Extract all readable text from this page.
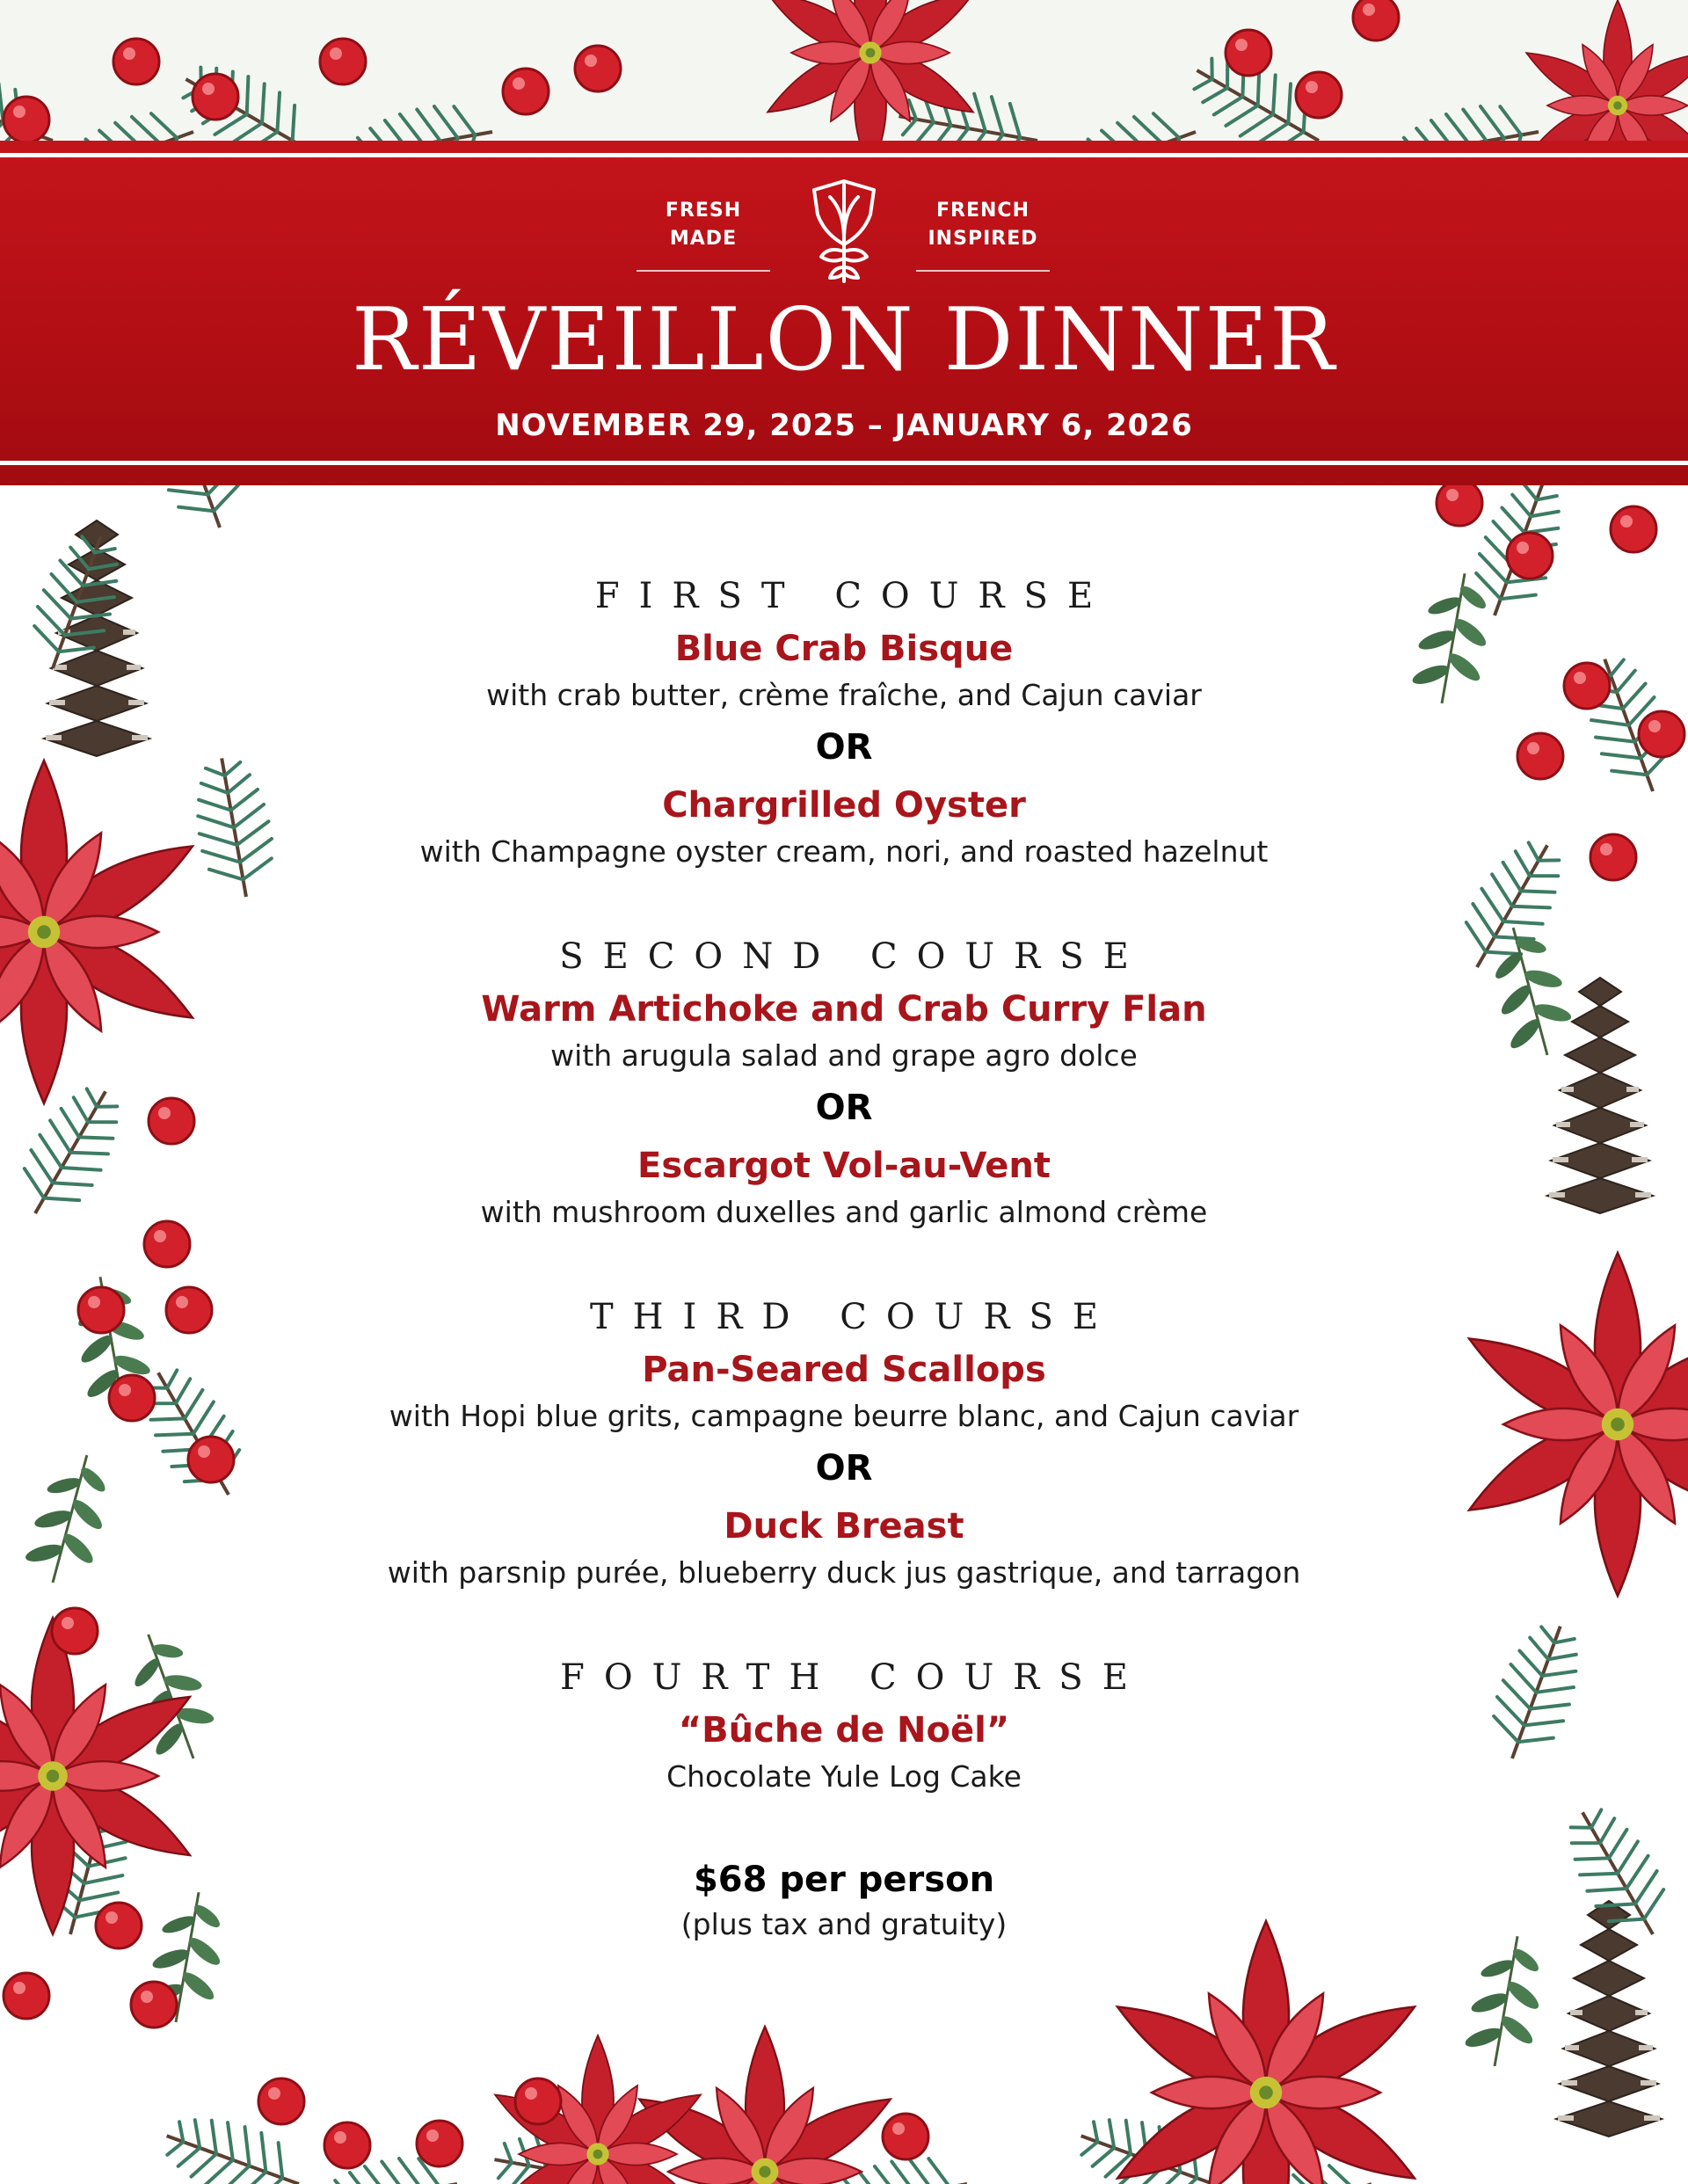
FRESH
MADE
FRENCH
INSPIRED
RÉVEILLON DINNER
NOVEMBER 29, 2025 – JANUARY 6, 2026
FIRST COURSE
Blue Crab Bisque
with crab butter, crème fraîche, and Cajun caviar
OR
Chargrilled Oyster
with Champagne oyster cream, nori, and roasted hazelnut
SECOND COURSE
Warm Artichoke and Crab Curry Flan
with arugula salad and grape agro dolce
OR
Escargot Vol-au-Vent
with mushroom duxelles and garlic almond crème
THIRD COURSE
Pan-Seared Scallops
with Hopi blue grits, campagne beurre blanc, and Cajun caviar
OR
Duck Breast
with parsnip purée, blueberry duck jus gastrique, and tarragon
FOURTH COURSE
“Bûche de Noël”
Chocolate Yule Log Cake
$68 per person
(plus tax and gratuity)
